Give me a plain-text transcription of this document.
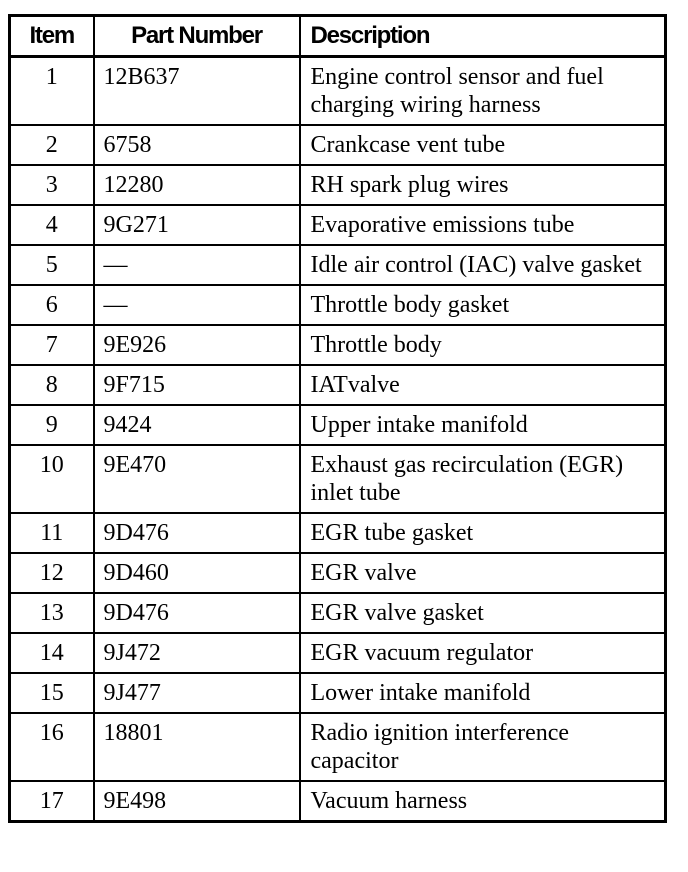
Item	Part Number	Description
1	12B637	Engine control sensor and fuel charging wiring harness
2	6758	Crankcase vent tube
3	12280	RH spark plug wires
4	9G271	Evaporative emissions tube
5	—	Idle air control (IAC) valve gasket
6	—	Throttle body gasket
7	9E926	Throttle body
8	9F715	IATvalve
9	9424	Upper intake manifold
10	9E470	Exhaust gas recirculation (EGR) inlet tube
11	9D476	EGR tube gasket
12	9D460	EGR valve
13	9D476	EGR valve gasket
14	9J472	EGR vacuum regulator
15	9J477	Lower intake manifold
16	18801	Radio ignition interference capacitor
17	9E498	Vacuum harness
